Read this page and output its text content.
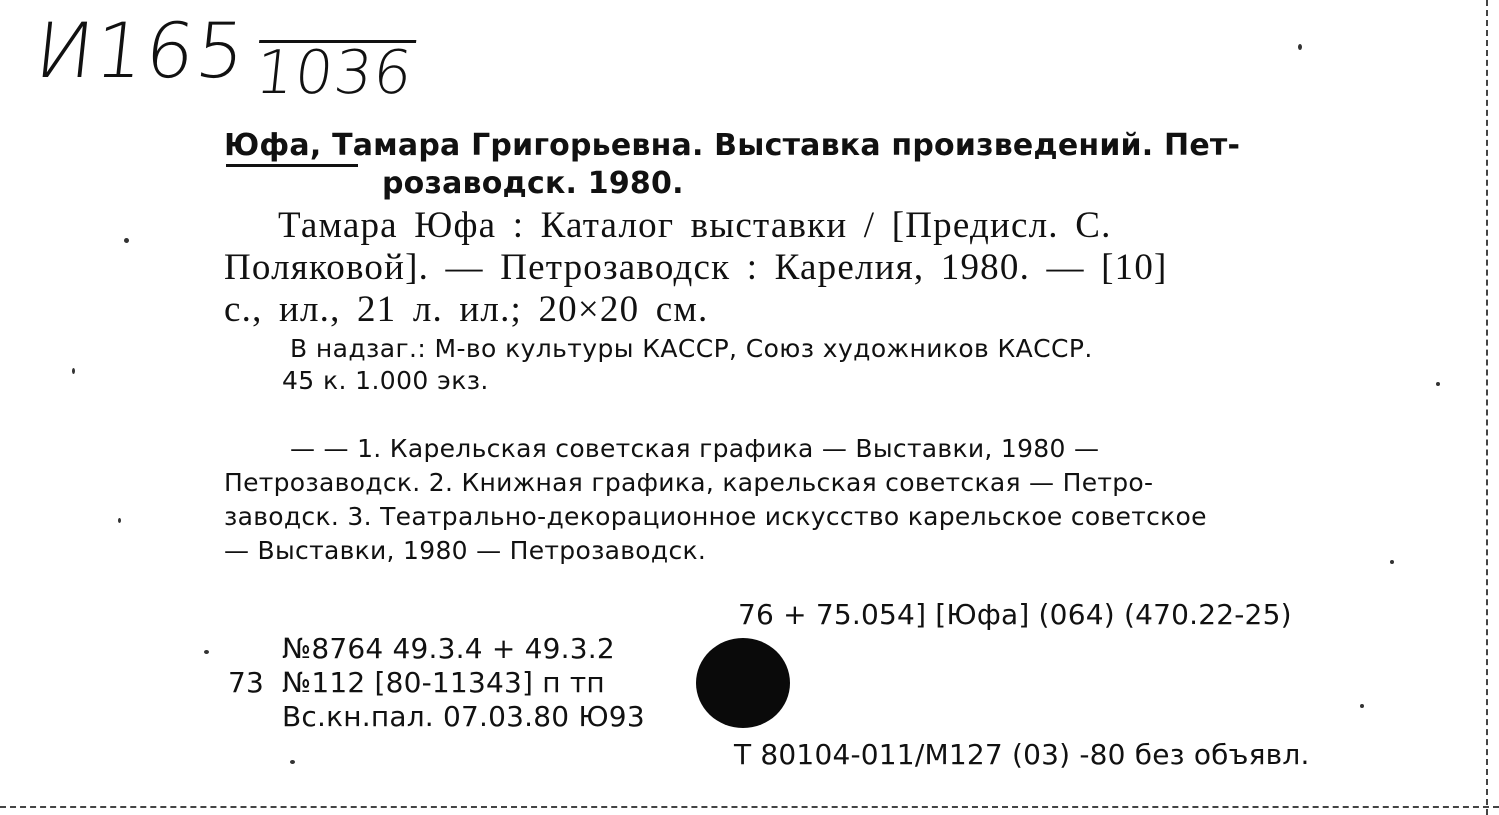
И165 1036
Юфа, Тамара Григорьевна. Выставка произведений. Пет-
розаводск. 1980.
Тамара Юфа : Каталог выставки / [Предисл. С.
Поляковой]. — Петрозаводск : Карелия, 1980. — [10]
с., ил., 21 л. ил.; 20×20 см.
В надзаг.: М-во культуры КАССР, Союз художников КАССР.
45 к. 1.000 экз.
— — 1. Карельская советская графика — Выставки, 1980 —
Петрозаводск. 2. Книжная графика, карельская советская — Петро-
заводск. 3. Театрально-декорационное искусство карельское советское
— Выставки, 1980 — Петрозаводск.
76 + 75.054] [Юфа] (064) (470.22-25)
№8764 49.3.4 + 49.3.2
73 №112 [80-11343] п тп
Вс.кн.пал. 07.03.80 Ю93
Т 80104-011/М127 (03) -80 без объявл.
